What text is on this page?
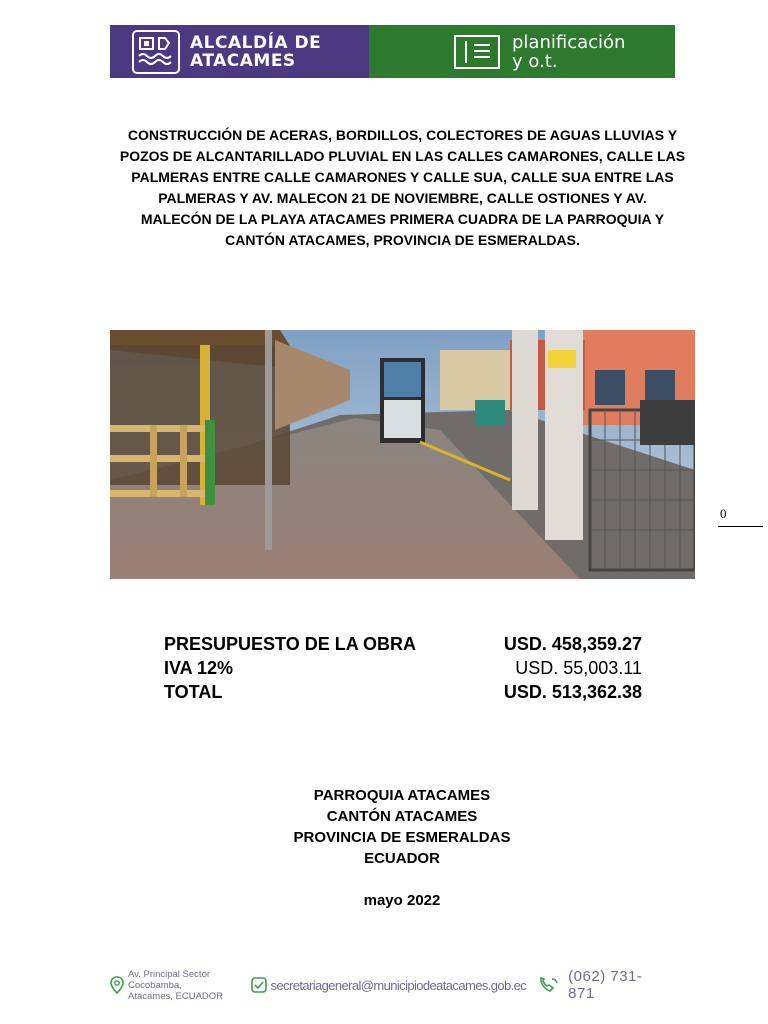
ALCALDÍA DE
ATACAMES
planificación
y o.t.
CONSTRUCCIÓN DE ACERAS, BORDILLOS, COLECTORES DE AGUAS LLUVIAS Y
POZOS DE ALCANTARILLADO PLUVIAL EN LAS CALLES CAMARONES, CALLE LAS
PALMERAS ENTRE CALLE CAMARONES Y CALLE SUA, CALLE SUA ENTRE LAS
PALMERAS Y AV. MALECON 21 DE NOVIEMBRE, CALLE OSTIONES Y AV.
MALECÓN DE LA PLAYA ATACAMES PRIMERA CUADRA DE LA PARROQUIA Y
CANTÓN ATACAMES, PROVINCIA DE ESMERALDAS.
0
PRESUPUESTO DE LA OBRA	USD. 458,359.27
IVA 12%	USD. 55,003.11
TOTAL	USD. 513,362.38
PARROQUIA ATACAMES
CANTÓN ATACAMES
PROVINCIA DE ESMERALDAS
ECUADOR
mayo 2022
Av. Principal Sector Cocobamba,
Atacames, ECUADOR
secretariageneral@municipiodeatacames.gob.ec	(062) 731-871
